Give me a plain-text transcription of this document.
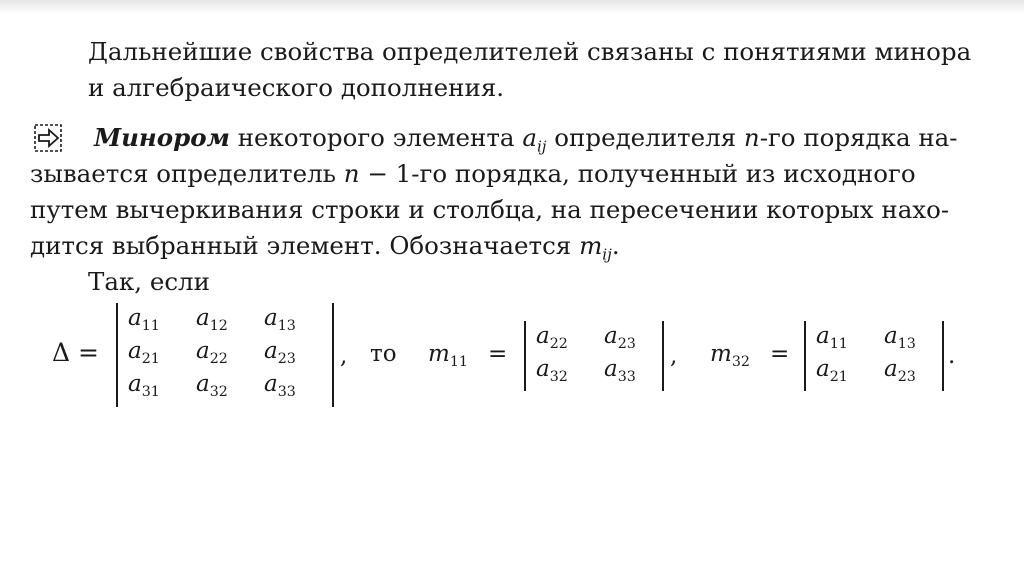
Дальнейшие свойства определителей связаны с понятиями минора
и алгебраического дополнения.
Минором некоторого элемента $a_{ij}$ определителя n-го порядка на-
зывается определитель n − 1-го порядка, полученный из исходного
путем вычеркивания строки и столбца, на пересечении которых нахо-
дится выбранный элемент. Обозначается $m_{ij}$.
Так, если
Δ =
$a_{11}$ $a_{12}$ $a_{13}$
$a_{21}$ $a_{22}$ $a_{23}$
$a_{31}$ $a_{32}$ $a_{33}$
, то $m_{11}$ =
$a_{22}$ $a_{23}$
$a_{32}$ $a_{33}$
, $m_{32}$ =
$a_{11}$ $a_{13}$
$a_{21}$ $a_{23}$
.
